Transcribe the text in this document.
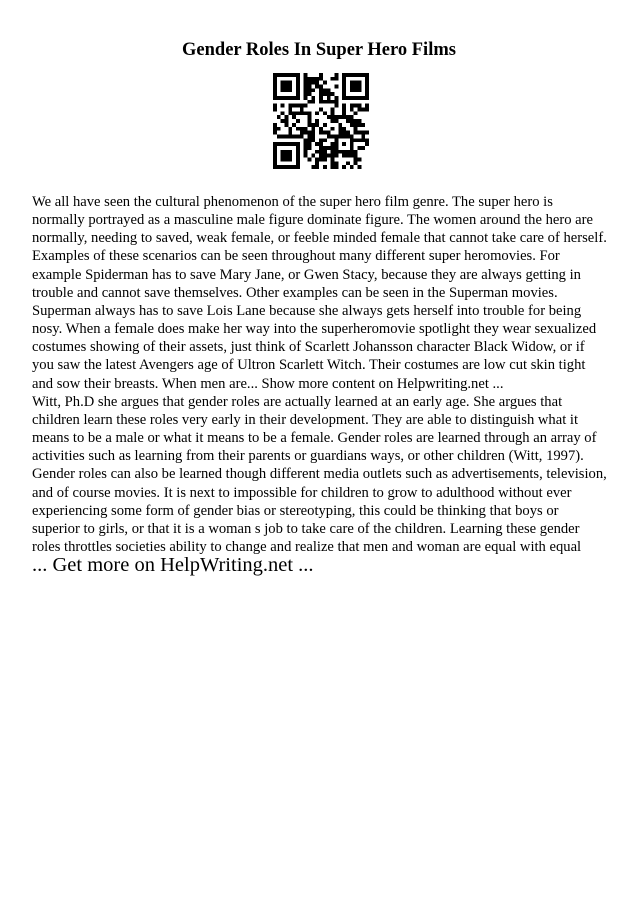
Gender Roles In Super Hero Films

We all have seen the cultural phenomenon of the super hero film genre. The super hero is normally portrayed as a masculine male figure dominate figure. The women around the hero are normally, needing to saved, weak female, or feeble minded female that cannot take care of herself. Examples of these scenarios can be seen throughout many different super heromovies. For example Spiderman has to save Mary Jane, or Gwen Stacy, because they are always getting in trouble and cannot save themselves. Other examples can be seen in the Superman movies. Superman always has to save Lois Lane because she always gets herself into trouble for being nosy. When a female does make her way into the superheromovie spotlight they wear sexualized costumes showing of their assets, just think of Scarlett Johansson character Black Widow, or if you saw the latest Avengers age of Ultron Scarlett Witch. Their costumes are low cut skin tight and sow their breasts. When men are... Show more content on Helpwriting.net ...

Witt, Ph.D she argues that gender roles are actually learned at an early age. She argues that children learn these roles very early in their development. They are able to distinguish what it means to be a male or what it means to be a female. Gender roles are learned through an array of activities such as learning from their parents or guardians ways, or other children (Witt, 1997). Gender roles can also be learned though different media outlets such as advertisements, television, and of course movies. It is next to impossible for children to grow to adulthood without ever experiencing some form of gender bias or stereotyping, this could be thinking that boys or superior to girls, or that it is a woman s job to take care of the children. Learning these gender roles throttles societies ability to change and realize that men and woman are equal with equal

... Get more on HelpWriting.net ...
